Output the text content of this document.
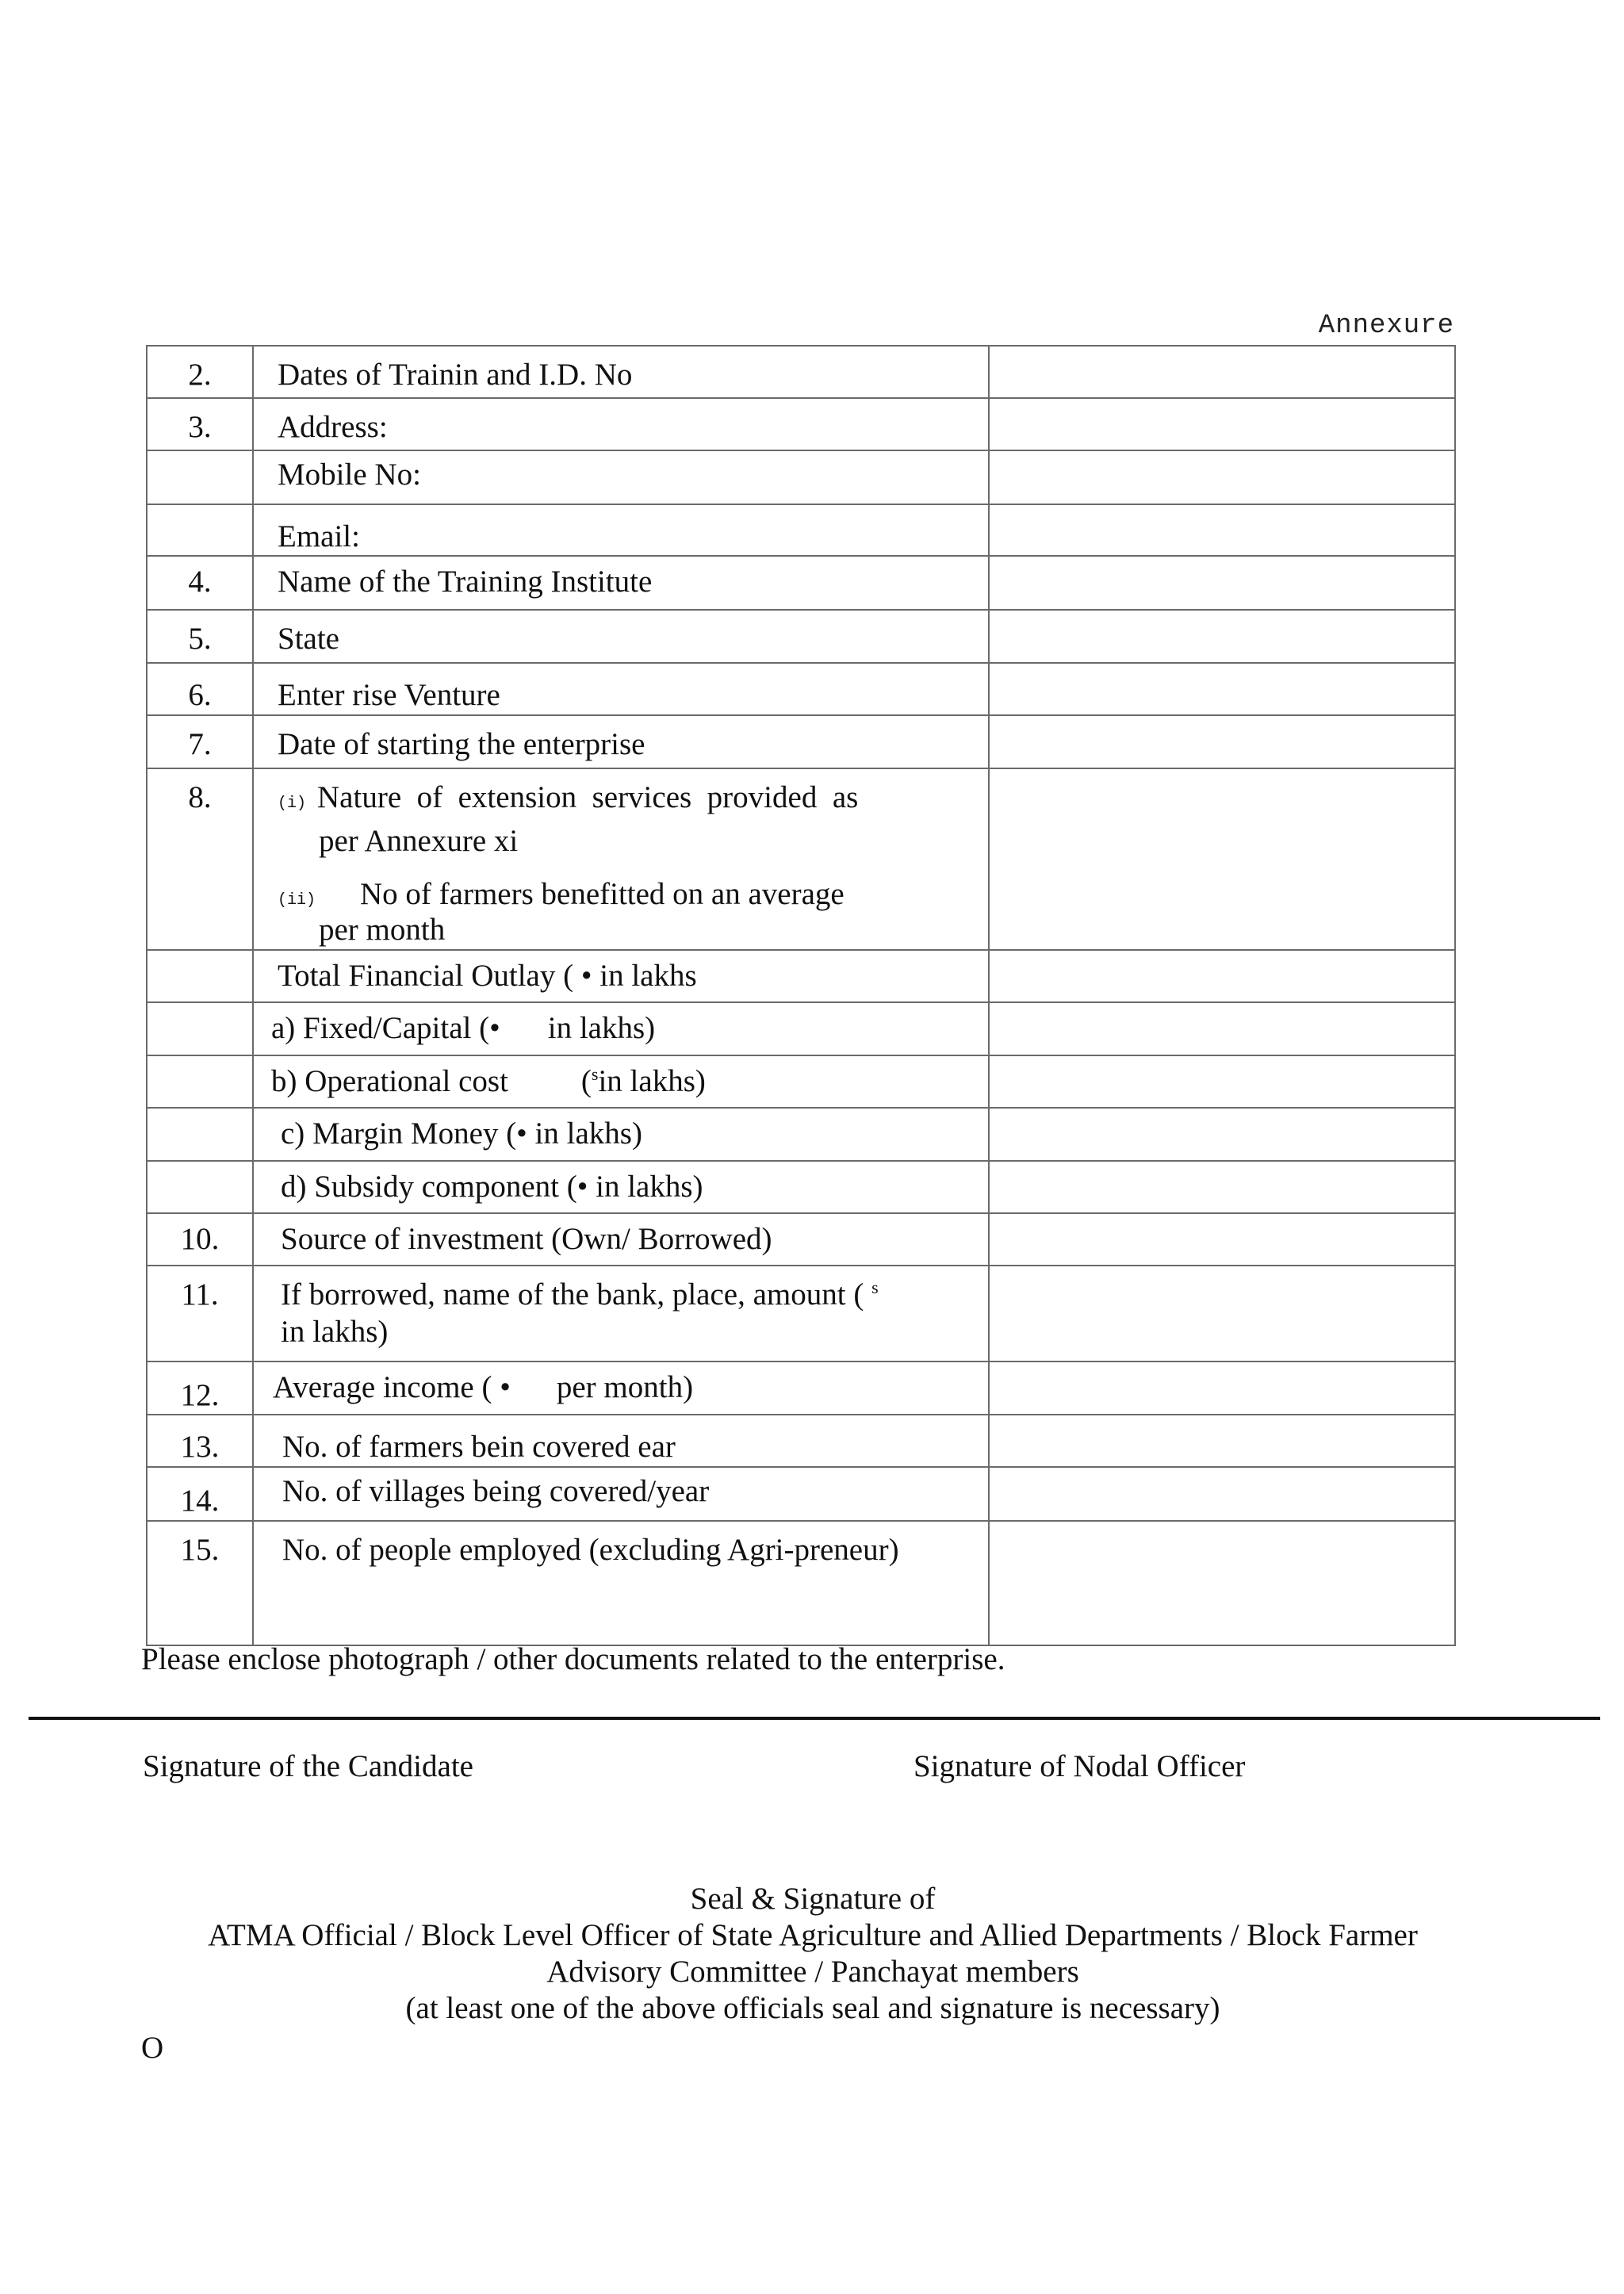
Annexure
2.	Dates of Trainin and I.D. No	
3.	Address:	
	Mobile No:	
	Email:	
4.	Name of the Training Institute	
5.	State	
6.	Enter rise Venture	
7.	Date of starting the enterprise	
8.	(i) Nature  of  extension  services  provided  as
per Annexure xi
(ii) No of farmers benefitted on an average
per month	

	Total Financial Outlay ( • in lakhs	
	a) Fixed/Capital (• in lakhs)	
	b) Operational cost ($^s$in lakhs)	
	c) Margin Money (• in lakhs)	
	d) Subsidy component (• in lakhs)	
10.	Source of investment (Own/ Borrowed)	
11.	If borrowed, name of the bank, place, amount ( $^s$
in lakhs)	

12.	Average income ( • per month)	
13.	No. of farmers bein covered ear	
14.	No. of villages being covered/year	
15.	No. of people employed (excluding Agri-preneur)	
Please enclose photograph / other documents related to the enterprise.
Signature of the Candidate	Signature of Nodal Officer
Seal & Signature of
ATMA Official / Block Level Officer of State Agriculture and Allied Departments / Block Farmer
Advisory Committee / Panchayat members
(at least one of the above officials seal and signature is necessary)
O
